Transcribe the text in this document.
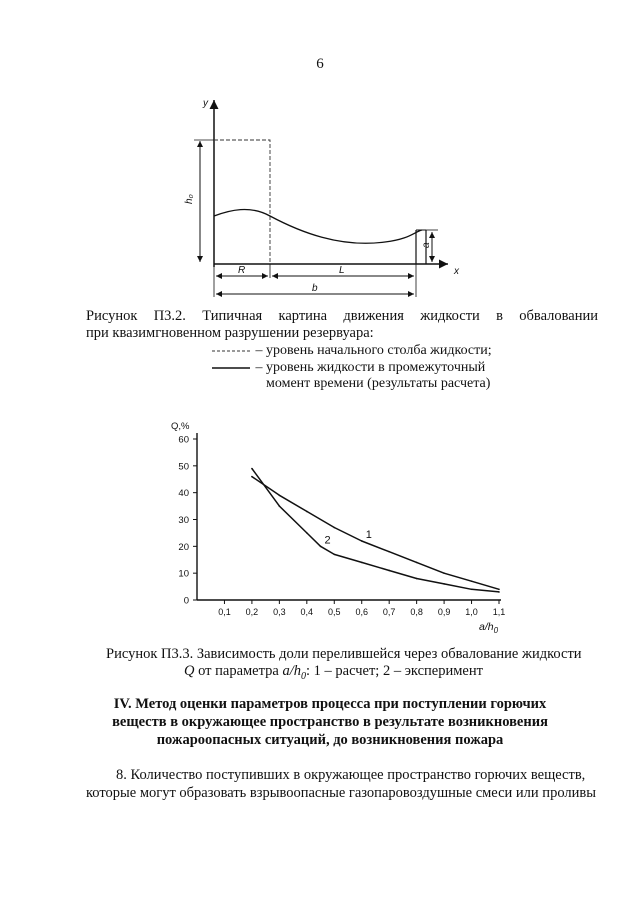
6
y
x
h₀
a
R	L
b
Рисунок П3.2. Типичная картина движения жидкости в обваловании
при квазимгновенном разрушении резервуара:
– уровень начального столба жидкости;
– уровень жидкости в промежуточный
момент времени (результаты расчета)
Q,%
0
10
20
30
40
50
60
0,1 0,2 0,3 0,4 0,5 0,6 0,7 0,8 0,9 1,0 1,1
$a/h_0$
1
2
Рисунок П3.3. Зависимость доли перелившейся через обвалование жидкости
Q от параметра $a/h_0$: 1 – расчет; 2 – эксперимент
IV. Метод оценки параметров процесса при поступлении горючих
веществ в окружающее пространство в результате возникновения
пожароопасных ситуаций, до возникновения пожара
8. Количество поступивших в окружающее пространство горючих веществ,
которые могут образовать взрывоопасные газопаровоздушные смеси или проливы
